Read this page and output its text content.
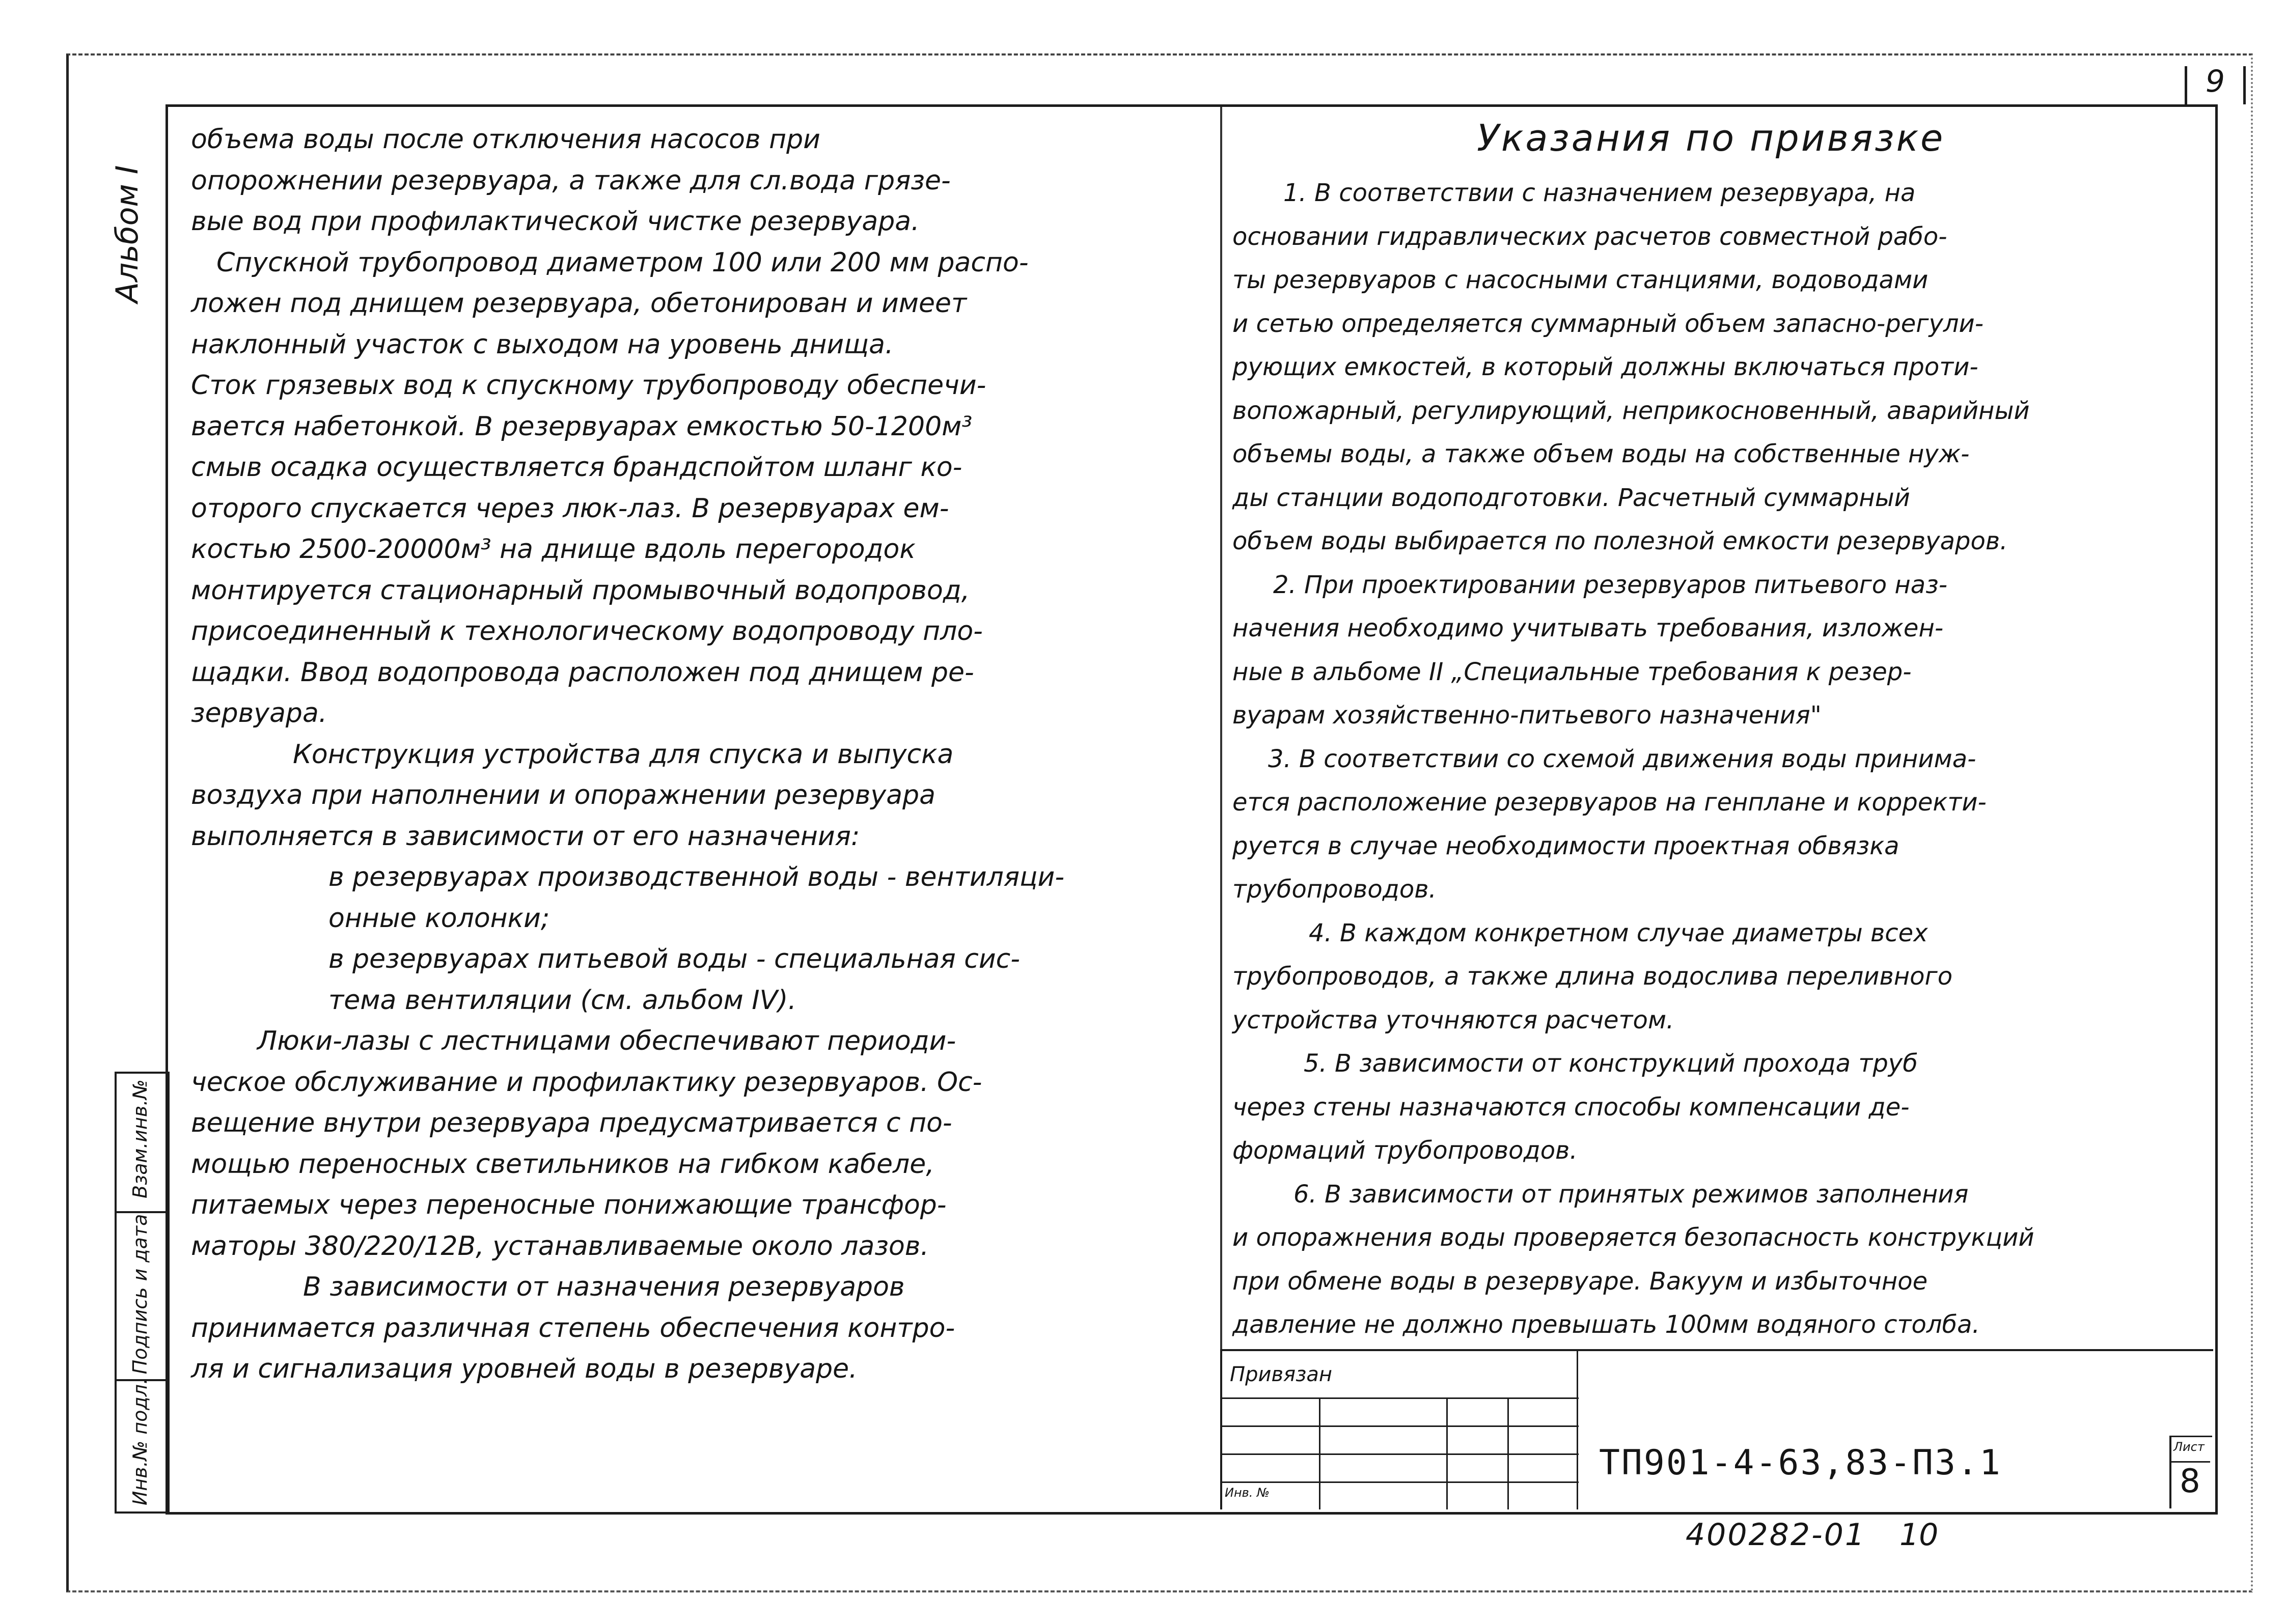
9
Альбом I
объема воды после отключения насосов при
опорожнении резервуара, а также для сл.вода грязе-
вые вод при профилактической чистке резервуара.
Спускной трубопровод диаметром 100 или 200 мм распо-
ложен под днищем резервуара, обетонирован и имеет
наклонный участок с выходом на уровень днища.
Сток грязевых вод к спускному трубопроводу обеспечи-
вается набетонкой. В резервуарах емкостью 50-1200м³
смыв осадка осуществляется брандспойтом шланг ко-
оторого спускается через люк-лаз. В резервуарах ем-
костью 2500-20000м³ на днище вдоль перегородок
монтируется стационарный промывочный водопровод,
присоединенный к технологическому водопроводу пло-
щадки. Ввод водопровода расположен под днищем ре-
зервуара.
Конструкция устройства для спуска и выпуска
воздуха при наполнении и опоражнении резервуара
выполняется в зависимости от его назначения:
в резервуарах производственной воды - вентиляци-
онные колонки;
в резервуарах питьевой воды - специальная сис-
тема вентиляции (см. альбом IV).
Люки-лазы с лестницами обеспечивают периоди-
ческое обслуживание и профилактику резервуаров. Ос-
вещение внутри резервуара предусматривается с по-
мощью переносных светильников на гибком кабеле,
питаемых через переносные понижающие трансфор-
маторы 380/220/12В, устанавливаемые около лазов.
В зависимости от назначения резервуаров
принимается различная степень обеспечения контро-
ля и сигнализация уровней воды в резервуаре.
Указания по привязке
1. В соответствии с назначением резервуара, на
основании гидравлических расчетов совместной рабо-
ты резервуаров с насосными станциями, водоводами
и сетью определяется суммарный объем запасно-регули-
рующих емкостей, в который должны включаться проти-
вопожарный, регулирующий, неприкосновенный, аварийный
объемы воды, а также объем воды на собственные нуж-
ды станции водоподготовки. Расчетный суммарный
объем воды выбирается по полезной емкости резервуаров.
2. При проектировании резервуаров питьевого наз-
начения необходимо учитывать требования, изложен-
ные в альбоме II „Специальные требования к резер-
вуарам хозяйственно-питьевого назначения"
3. В соответствии со схемой движения воды принима-
ется расположение резервуаров на генплане и корректи-
руется в случае необходимости проектная обвязка
трубопроводов.
4. В каждом конкретном случае диаметры всех
трубопроводов, а также длина водослива переливного
устройства уточняются расчетом.
5. В зависимости от конструкций прохода труб
через стены назначаются способы компенсации де-
формаций трубопроводов.
6. В зависимости от принятых режимов заполнения
и опоражнения воды проверяется безопасность конструкций
при обмене воды в резервуаре. Вакуум и избыточное
давление не должно превышать 100мм водяного столба.
Взам.инв.№
Подпись и дата
Инв.№ подл.
Привязан
Инв. №
ТП901-4-63,83-П3.1	Лист
8
400282-01 10
